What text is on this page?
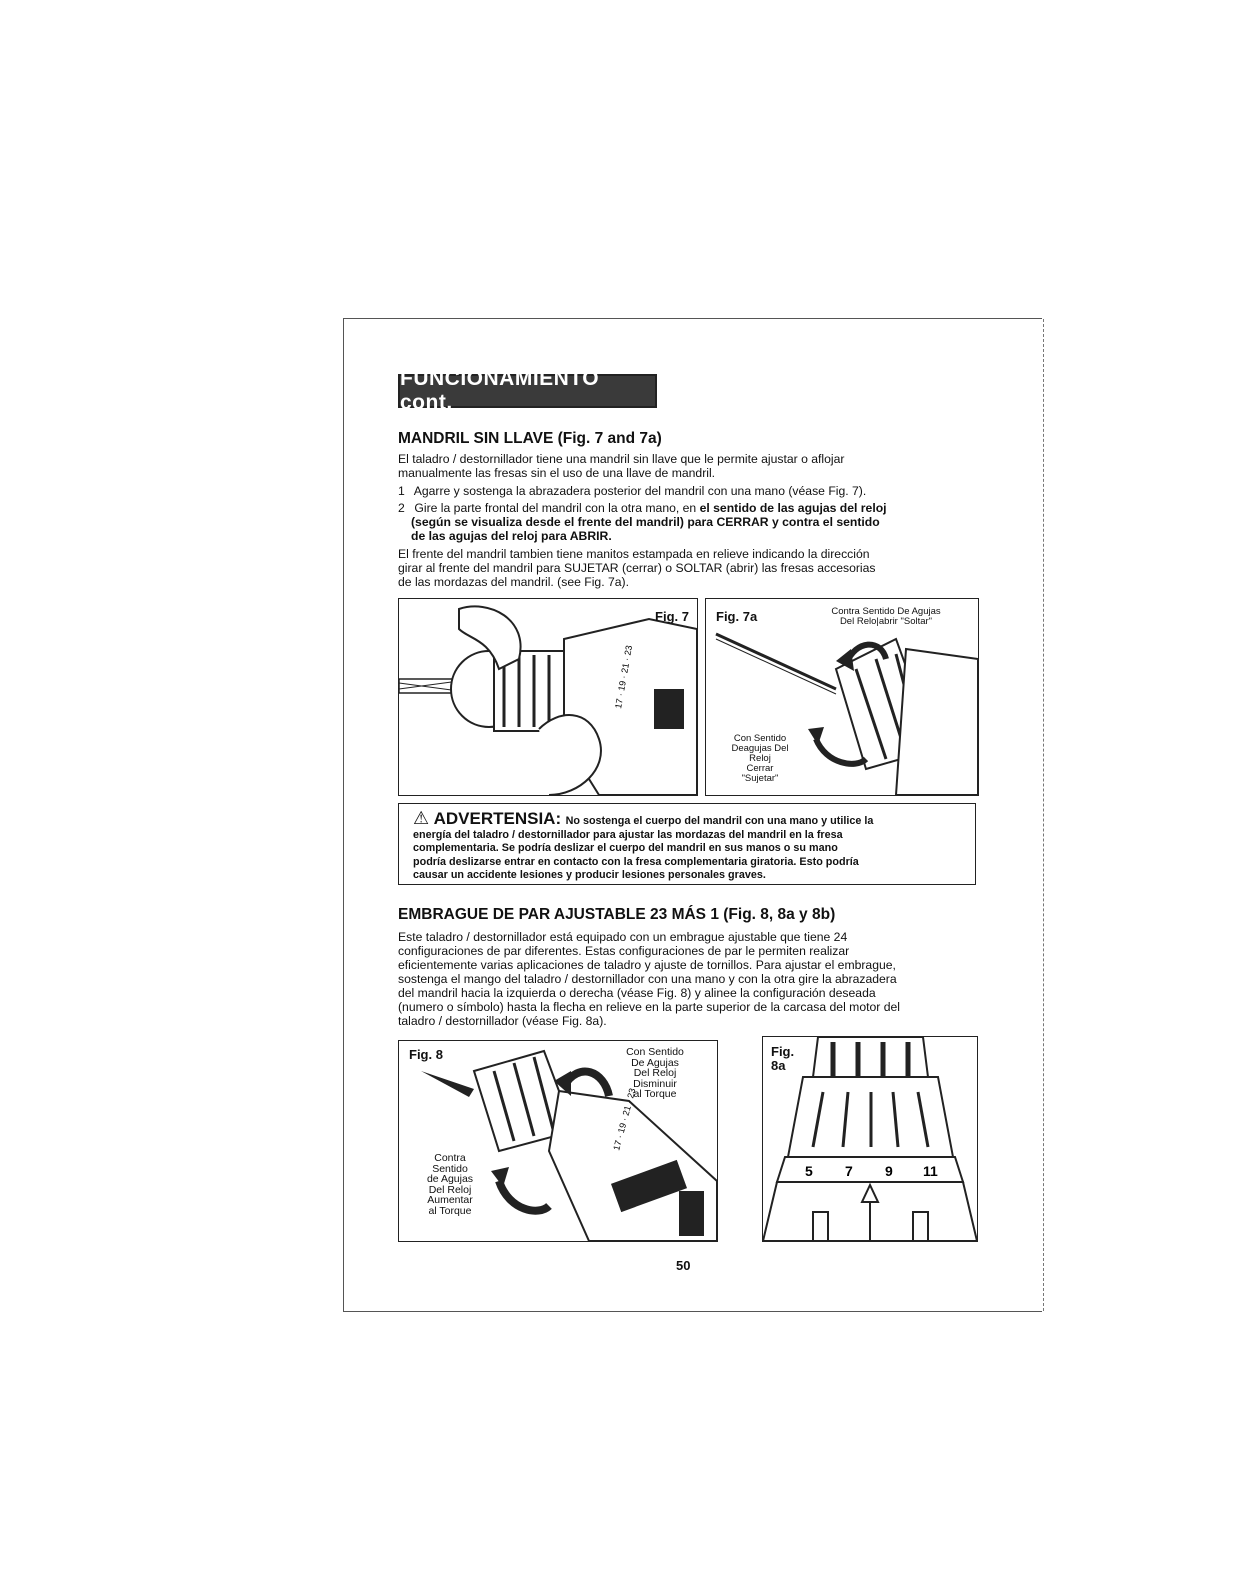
FUNCIONAMIENTO cont.
MANDRIL SIN LLAVE (Fig. 7 and 7a)

El taladro / destornillador tiene una mandril sin llave que le permite ajustar o aflojar

manualmente las fresas sin el uso de una llave de mandril.

1 Agarre y sostenga la abrazadera posterior del mandril con una mano (véase Fig. 7).

2 Gire la parte frontal del mandril con la otra mano, en el sentido de las agujas del reloj

(según se visualiza desde el frente del mandril) para CERRAR y contra el sentido

de las agujas del reloj para ABRIR.

El frente del mandril tambien tiene manitos estampada en relieve indicando la dirección

girar al frente del mandril para SUJETAR (cerrar) o SOLTAR (abrir) las fresas accesorias

de las mordazas del mandril. (see Fig. 7a).

17 · 19 · 21 · 23
Fig. 7 Fig. 7a	Contra Sentido De Agujas
Del Relo|abrir "Soltar"
Con Sentido
Deagujas Del
Reloj
Cerrar
"Sujetar"
⚠ ADVERTENSIA: No sostenga el cuerpo del mandril con una mano y utilice la
energía del taladro / destornillador para ajustar las mordazas del mandril en la fresa
complementaria. Se podría deslizar el cuerpo del mandril en sus manos o su mano
podría deslizarse entrar en contacto con la fresa complementaria giratoria. Esto podría
causar un accidente lesiones y producir lesiones personales graves.
EMBRAGUE DE PAR AJUSTABLE 23 MÁS 1 (Fig. 8, 8a y 8b)

Este taladro / destornillador está equipado con un embrague ajustable que tiene 24

configuraciones de par diferentes. Estas configuraciones de par le permiten realizar

eficientemente varias aplicaciones de taladro y ajuste de tornillos. Para ajustar el embrague,

sostenga el mango del taladro / destornillador con una mano y con la otra gire la abrazadera

del mandril hacia la izquierda o derecha (véase Fig. 8) y alinee la configuración deseada

(numero o símbolo) hasta la flecha en relieve en la parte superior de la carcasa del motor del

taladro / destornillador (véase Fig. 8a).

17 · 19 · 21 · 23
Fig. 8	Con Sentido
De Agujas
Del Reloj
Disminuir
al Torque
Contra
Sentido
de Agujas
Del Reloj
Aumentar
al Torque
5 7 9 11
Fig.
8a
50
